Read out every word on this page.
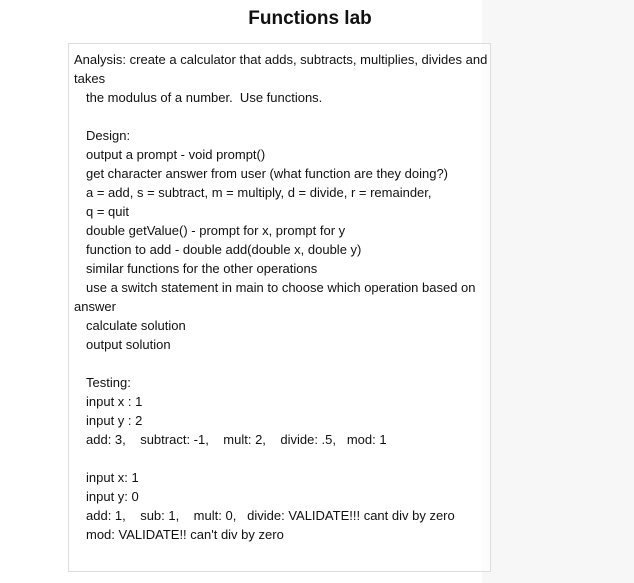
Functions lab
Analysis: create a calculator that adds, subtracts, multiplies, divides and
takes
the modulus of a number.  Use functions.
Design:
output a prompt - void prompt()
get character answer from user (what function are they doing?)
a = add, s = subtract, m = multiply, d = divide, r = remainder,
q = quit
double getValue() - prompt for x, prompt for y
function to add - double add(double x, double y)
similar functions for the other operations
use a switch statement in main to choose which operation based on
answer
calculate solution
output solution
Testing:
input x : 1
input y : 2
add: 3,    subtract: -1,    mult: 2,    divide: .5,   mod: 1
input x: 1
input y: 0
add: 1,    sub: 1,    mult: 0,   divide: VALIDATE!!! cant div by zero
mod: VALIDATE!! can't div by zero
